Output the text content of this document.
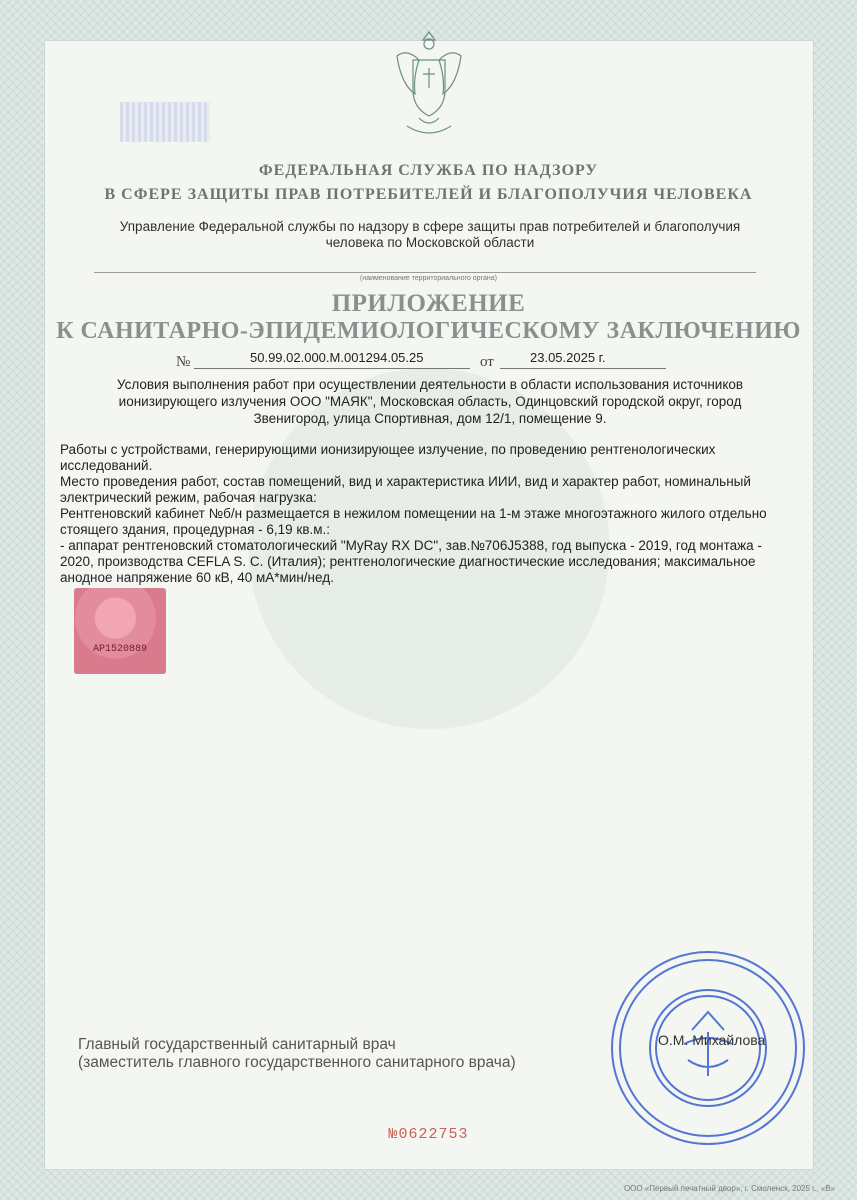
ФЕДЕРАЛЬНАЯ СЛУЖБА ПО НАДЗОРУ
В СФЕРЕ ЗАЩИТЫ ПРАВ ПОТРЕБИТЕЛЕЙ И БЛАГОПОЛУЧИЯ ЧЕЛОВЕКА
Управление Федеральной службы по надзору в сфере защиты прав потребителей и благополучия
человека по Московской области
(наименование территориального органа)
ПРИЛОЖЕНИЕ
К САНИТАРНО-ЭПИДЕМИОЛОГИЧЕСКОМУ ЗАКЛЮЧЕНИЮ
№	50.99.02.000.М.001294.05.25	от	23.05.2025 г.
Условия выполнения работ при осуществлении деятельности в области использования источников
ионизирующего излучения ООО "МАЯК", Московская область, Одинцовский городской округ, город
Звенигород, улица Спортивная, дом 12/1, помещение 9.
Работы с устройствами, генерирующими ионизирующее излучение, по проведению рентгенологических
исследований.
Место проведения работ, состав помещений, вид и характеристика ИИИ, вид и характер работ, номинальный
электрический режим, рабочая нагрузка:
Рентгеновский кабинет №б/н размещается в нежилом помещении на 1-м этаже многоэтажного жилого отдельно
стоящего здания, процедурная - 6,19 кв.м.:
- аппарат рентгеновский стоматологический "MyRay RX DC", зав.№706J5388, год выпуска - 2019, год монтажа -
2020, производства CEFLA S. C. (Италия); рентгенологические диагностические исследования; максимальное
анодное напряжение 60 кВ, 40 мА*мин/нед.
AP1520889
Главный государственный санитарный врач
(заместитель главного государственного санитарного врача)
О.М. Михайлова
№0622753
ООО «Первый печатный двор», г. Смоленск, 2025 г., «В»
